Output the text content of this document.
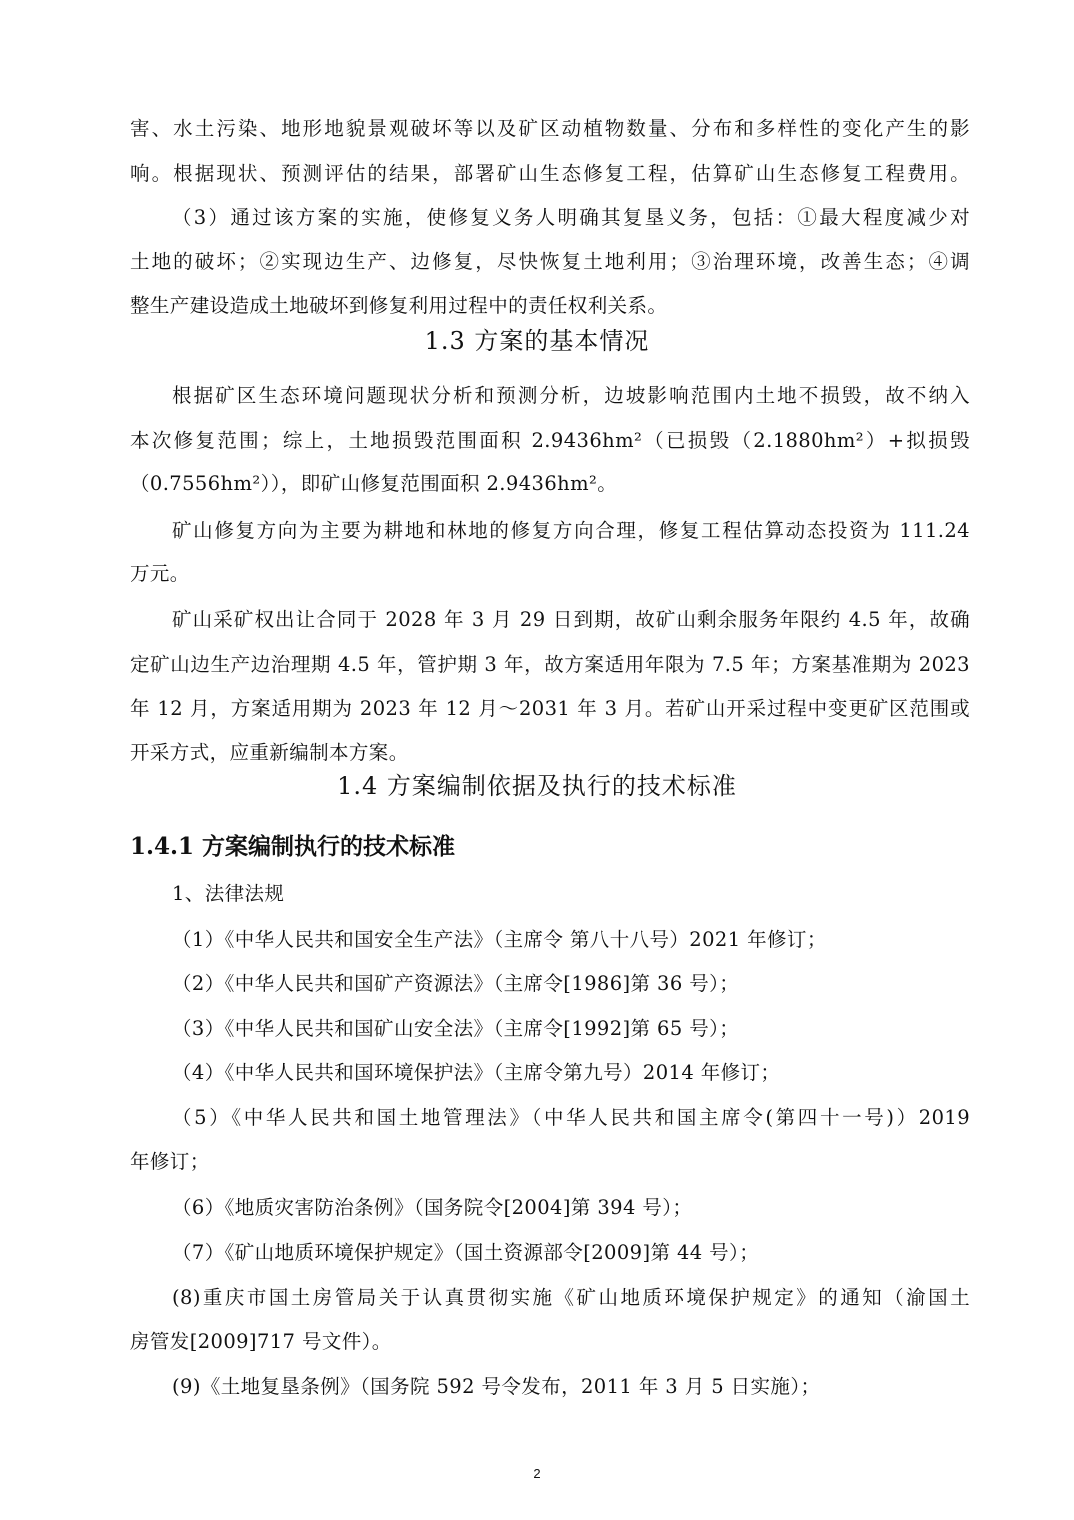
害、水土污染、地形地貌景观破坏等以及矿区动植物数量、分布和多样性的变化产生的影
响。根据现状、预测评估的结果，部署矿山生态修复工程，估算矿山生态修复工程费用。
（3）通过该方案的实施，使修复义务人明确其复垦义务，包括：①最大程度减少对
土地的破坏；②实现边生产、边修复，尽快恢复土地利用；③治理环境，改善生态；④调
整生产建设造成土地破坏到修复利用过程中的责任权利关系。
1.3 方案的基本情况
根据矿区生态环境问题现状分析和预测分析，边坡影响范围内土地不损毁，故不纳入
本次修复范围；综上，土地损毁范围面积 2.9436hm²（已损毁（2.1880hm²）+拟损毁
（0.7556hm²）），即矿山修复范围面积 2.9436hm²。
矿山修复方向为主要为耕地和林地的修复方向合理，修复工程估算动态投资为 111.24
万元。
矿山采矿权出让合同于 2028 年 3 月 29 日到期，故矿山剩余服务年限约 4.5 年，故确
定矿山边生产边治理期 4.5 年，管护期 3 年，故方案适用年限为 7.5 年；方案基准期为 2023
年 12 月，方案适用期为 2023 年 12 月～2031 年 3 月。若矿山开采过程中变更矿区范围或
开采方式，应重新编制本方案。
1.4 方案编制依据及执行的技术标准
1.4.1 方案编制执行的技术标准
1、法律法规
（1）《中华人民共和国安全生产法》（主席令 第八十八号）2021 年修订；
（2）《中华人民共和国矿产资源法》（主席令[1986]第 36 号）；
（3）《中华人民共和国矿山安全法》（主席令[1992]第 65 号）；
（4）《中华人民共和国环境保护法》（主席令第九号）2014 年修订；
（5）《中华人民共和国土地管理法》（中华人民共和国主席令(第四十一号)）2019
年修订；
（6）《地质灾害防治条例》（国务院令[2004]第 394 号）；
（7）《矿山地质环境保护规定》（国土资源部令[2009]第 44 号）；
(8)重庆市国土房管局关于认真贯彻实施《矿山地质环境保护规定》的通知（渝国土
房管发[2009]717 号文件）。
(9)《土地复垦条例》（国务院 592 号令发布，2011 年 3 月 5 日实施）；
2
